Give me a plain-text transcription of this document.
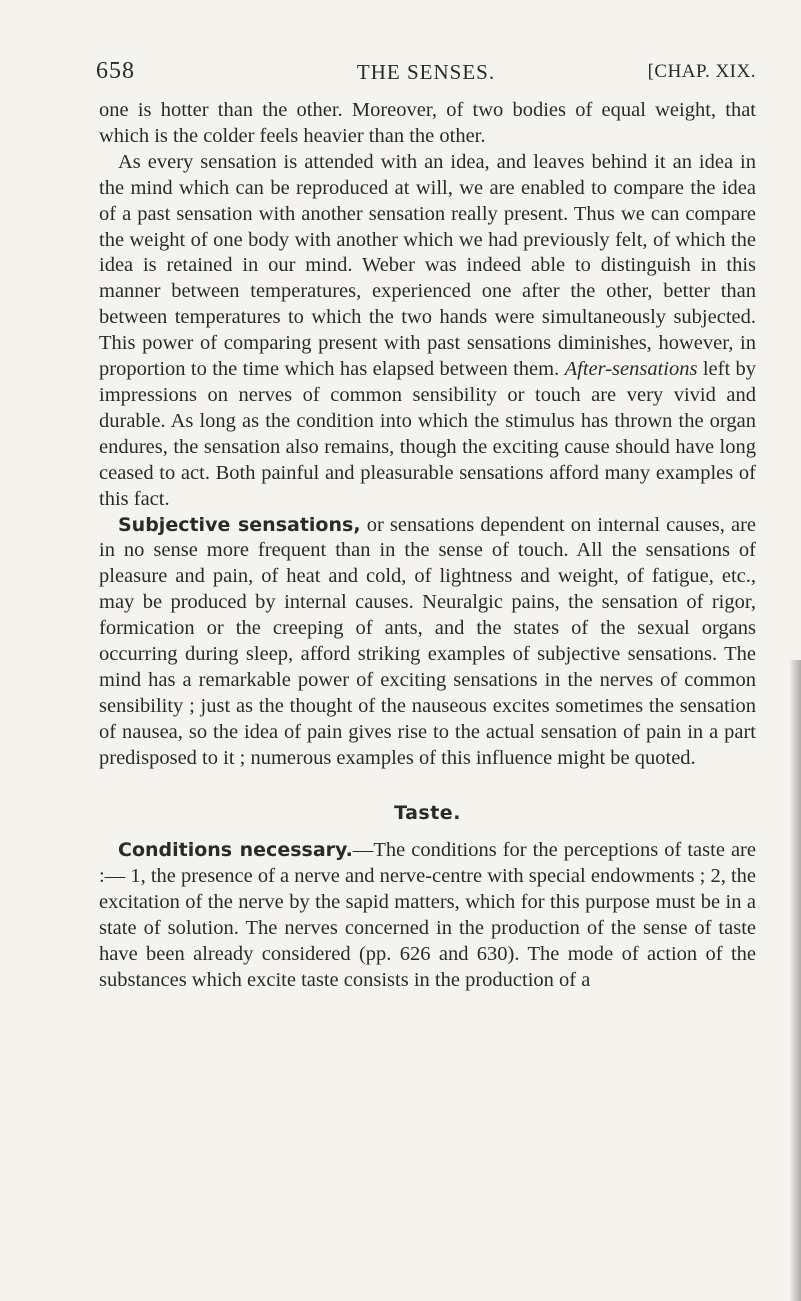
658	THE SENSES.	[CHAP. XIX.

one is hotter than the other. Moreover, of two bodies of equal weight, that which is the colder feels heavier than the other.

As every sensation is attended with an idea, and leaves behind it an idea in the mind which can be reproduced at will, we are enabled to compare the idea of a past sensation with another sensation really present. Thus we can compare the weight of one body with another which we had previously felt, of which the idea is retained in our mind. Weber was indeed able to distinguish in this manner between temperatures, experienced one after the other, better than between temperatures to which the two hands were simultaneously subjected. This power of comparing present with past sensations diminishes, however, in proportion to the time which has elapsed between them. After-sensations left by impressions on nerves of common sensibility or touch are very vivid and durable. As long as the condition into which the stimulus has thrown the organ endures, the sensation also remains, though the exciting cause should have long ceased to act. Both painful and pleasurable sensations afford many examples of this fact.

Subjective sensations, or sensations dependent on internal causes, are in no sense more frequent than in the sense of touch. All the sensations of pleasure and pain, of heat and cold, of lightness and weight, of fatigue, etc., may be produced by internal causes. Neuralgic pains, the sensation of rigor, formication or the creeping of ants, and the states of the sexual organs occurring during sleep, afford striking examples of subjective sensations. The mind has a remarkable power of exciting sensations in the nerves of common sensibility ; just as the thought of the nauseous excites sometimes the sensation of nausea, so the idea of pain gives rise to the actual sensation of pain in a part predisposed to it ; numerous examples of this influence might be quoted.

Taste.

Conditions necessary.—The conditions for the perceptions of taste are :— 1, the presence of a nerve and nerve-centre with special endowments ; 2, the excitation of the nerve by the sapid matters, which for this purpose must be in a state of solution. The nerves concerned in the production of the sense of taste have been already considered (pp. 626 and 630). The mode of action of the substances which excite taste consists in the production of a
